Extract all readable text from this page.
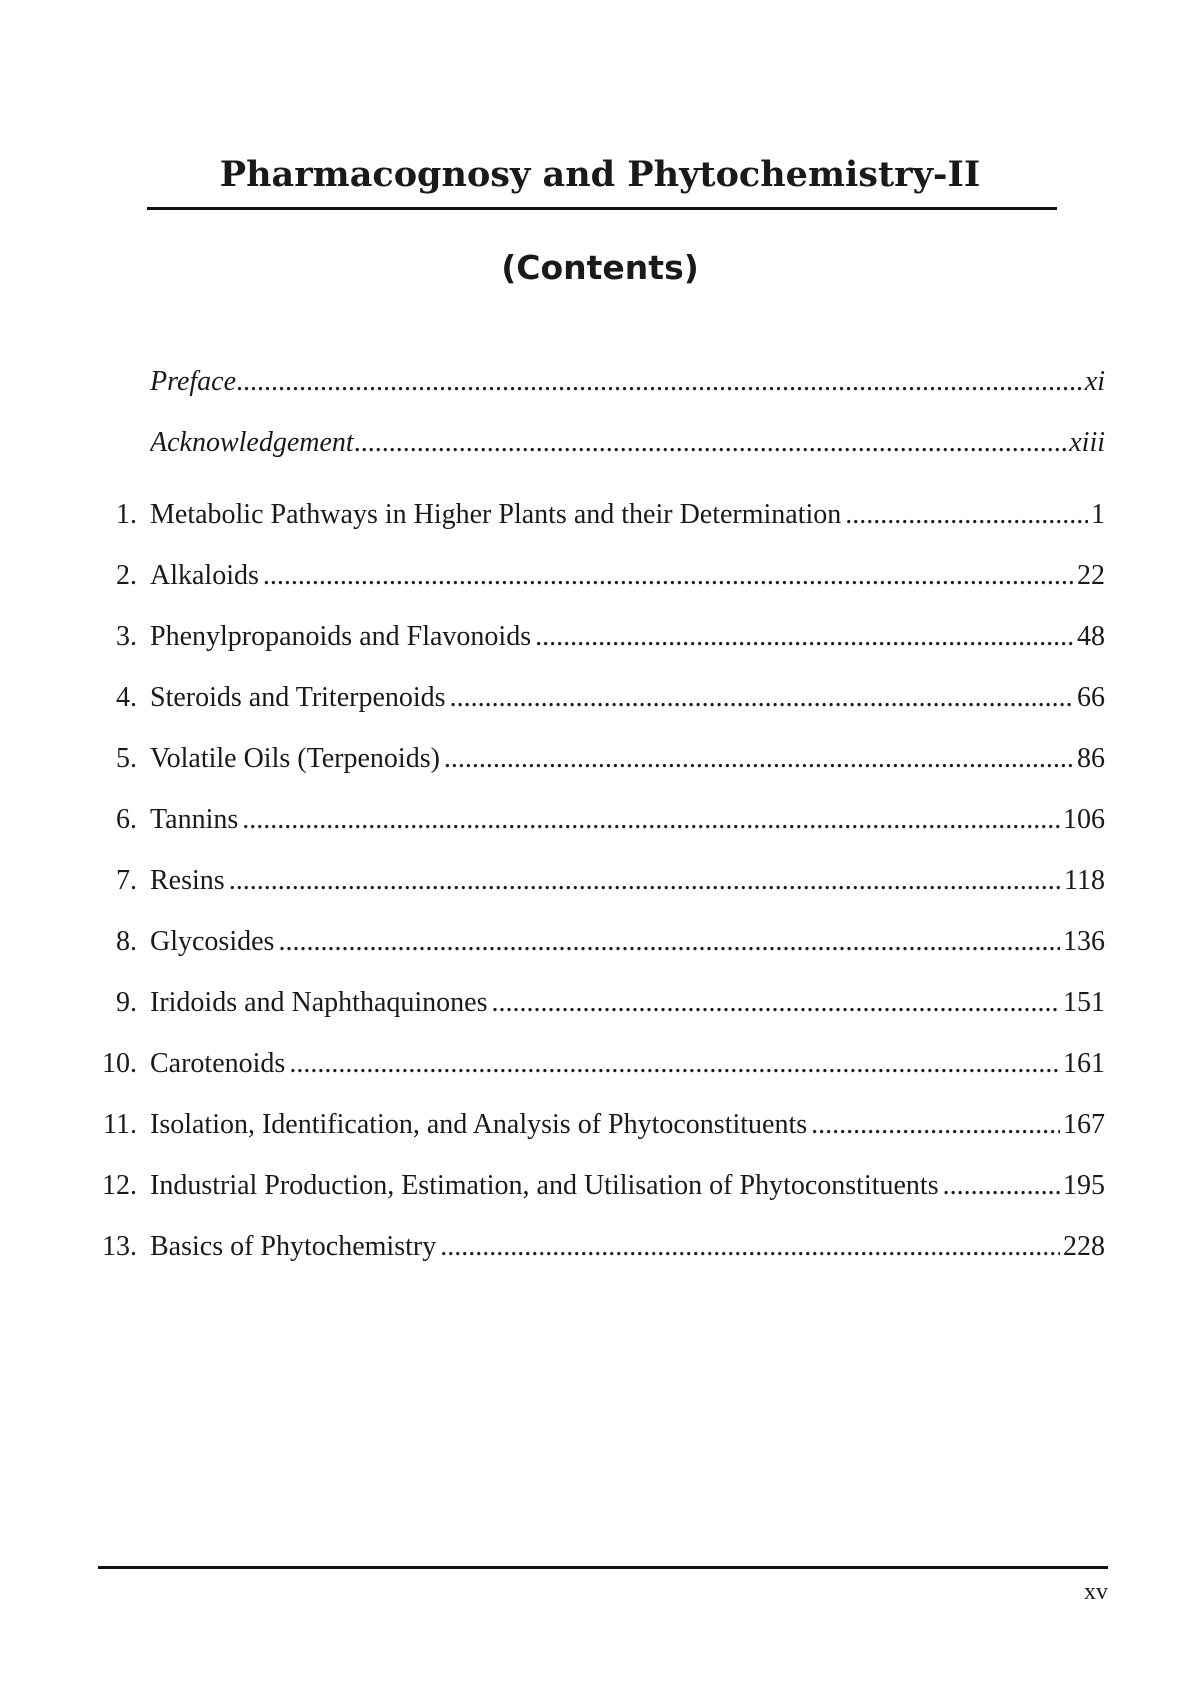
Pharmacognosy and Phytochemistry-II
(Contents)
Preface .....	xi
Acknowledgement .....	xiii
1. Metabolic Pathways in Higher Plants and their Determination .....	1
2. Alkaloids .....	22
3. Phenylpropanoids and Flavonoids .....	48
4. Steroids and Triterpenoids .....	66
5. Volatile Oils (Terpenoids) .....	86
6. Tannins .....	106
7. Resins .....	118
8. Glycosides .....	136
9. Iridoids and Naphthaquinones .....	151
10. Carotenoids .....	161
11. Isolation, Identification, and Analysis of Phytoconstituents .....	167
12. Industrial Production, Estimation, and Utilisation of Phytoconstituents .....	195
13. Basics of Phytochemistry .....	228
xv
